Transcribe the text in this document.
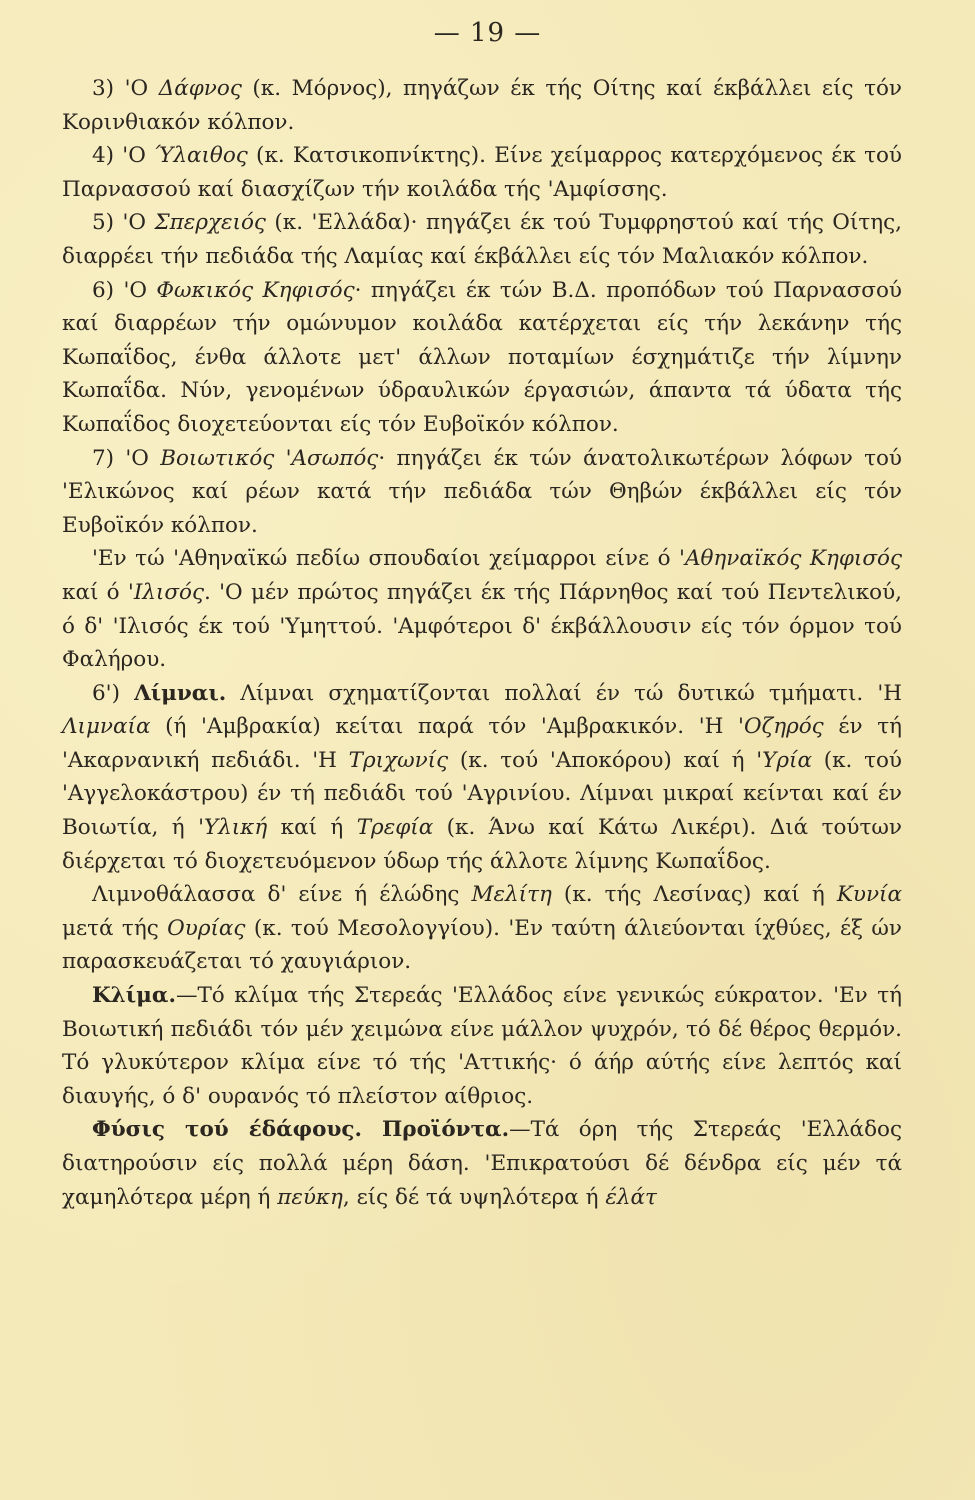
— 19 —

3) 'Ο Δάφνος (κ. Μόρνος), πηγάζων έκ τής Οίτης καί έκβάλλει είς τόν Κορινθιακόν κόλπον.

4) 'Ο Ύλαιθος (κ. Κατσικοπνίκτης). Είνε χείμαρρος κατερχόμενος έκ τού Παρνασσού καί διασχίζων τήν κοιλάδα τής 'Αμφίσσης.

5) 'Ο Σπερχειός (κ. 'Ελλάδα)· πηγάζει έκ τού Τυμφρηστού καί τής Οίτης, διαρρέει τήν πεδιάδα τής Λαμίας καί έκβάλλει είς τόν Μαλιακόν κόλπον.

6) 'Ο Φωκικός Κηφισός· πηγάζει έκ τών Β.Δ. προπόδων τού Παρνασσού καί διαρρέων τήν ομώνυμον κοιλάδα κατέρχεται είς τήν λεκάνην τής Κωπαΐδος, ένθα άλλοτε μετ' άλλων ποταμίων έσχημάτιζε τήν λίμνην Κωπαΐδα. Νύν, γενομένων ύδραυλικών έργασιών, άπαντα τά ύδατα τής Κωπαΐδος διοχετεύονται είς τόν Ευβοϊκόν κόλπον.

7) 'Ο Βοιωτικός 'Ασωπός· πηγάζει έκ τών άνατολικωτέρων λόφων τού 'Ελικώνος καί ρέων κατά τήν πεδιάδα τών Θηβών έκβάλλει είς τόν Ευβοϊκόν κόλπον.

'Εν τώ 'Αθηναϊκώ πεδίω σπουδαίοι χείμαρροι είνε ό 'Αθηναϊκός Κηφισός καί ό 'Ιλισός. 'Ο μέν πρώτος πηγάζει έκ τής Πάρνηθος καί τού Πεντελικού, ό δ' 'Ιλισός έκ τού 'Υμηττού. 'Αμφότεροι δ' έκβάλλουσιν είς τόν όρμον τού Φαλήρου.

6') Λίμναι. Λίμναι σχηματίζονται πολλαί έν τώ δυτικώ τμήματι. 'Η Λιμναία (ή 'Αμβρακία) κείται παρά τόν 'Αμβρακικόν. 'Η 'Οζηρός έν τή 'Ακαρνανική πεδιάδι. 'Η Τριχωνίς (κ. τού 'Αποκόρου) καί ή 'Υρία (κ. τού 'Αγγελοκάστρου) έν τή πεδιάδι τού 'Αγρινίου. Λίμναι μικραί κείνται καί έν Βοιωτία, ή 'Υλική καί ή Τρεφία (κ. Άνω καί Κάτω Λικέρι). Διά τούτων διέρχεται τό διοχετευόμενον ύδωρ τής άλλοτε λίμνης Κωπαΐδος.

Λιμνοθάλασσα δ' είνε ή έλώδης Μελίτη (κ. τής Λεσίνας) καί ή Κυνία μετά τής Ουρίας (κ. τού Μεσολογγίου). 'Εν ταύτη άλιεύονται ίχθύες, έξ ών παρασκευάζεται τό χαυγιάριον.

Κλίμα.—Τό κλίμα τής Στερεάς 'Ελλάδος είνε γενικώς εύκρατον. 'Εν τή Βοιωτική πεδιάδι τόν μέν χειμώνα είνε μάλλον ψυχρόν, τό δέ θέρος θερμόν. Τό γλυκύτερον κλίμα είνε τό τής 'Αττικής· ό άήρ αύτής είνε λεπτός καί διαυγής, ό δ' ουρανός τό πλείστον αίθριος.

Φύσις τού έδάφους. Προϊόντα.—Τά όρη τής Στερεάς 'Ελλάδος διατηρούσιν είς πολλά μέρη δάση. 'Επικρατούσι δέ δένδρα είς μέν τά χαμηλότερα μέρη ή πεύκη, είς δέ τά υψηλότερα ή έλάτ
